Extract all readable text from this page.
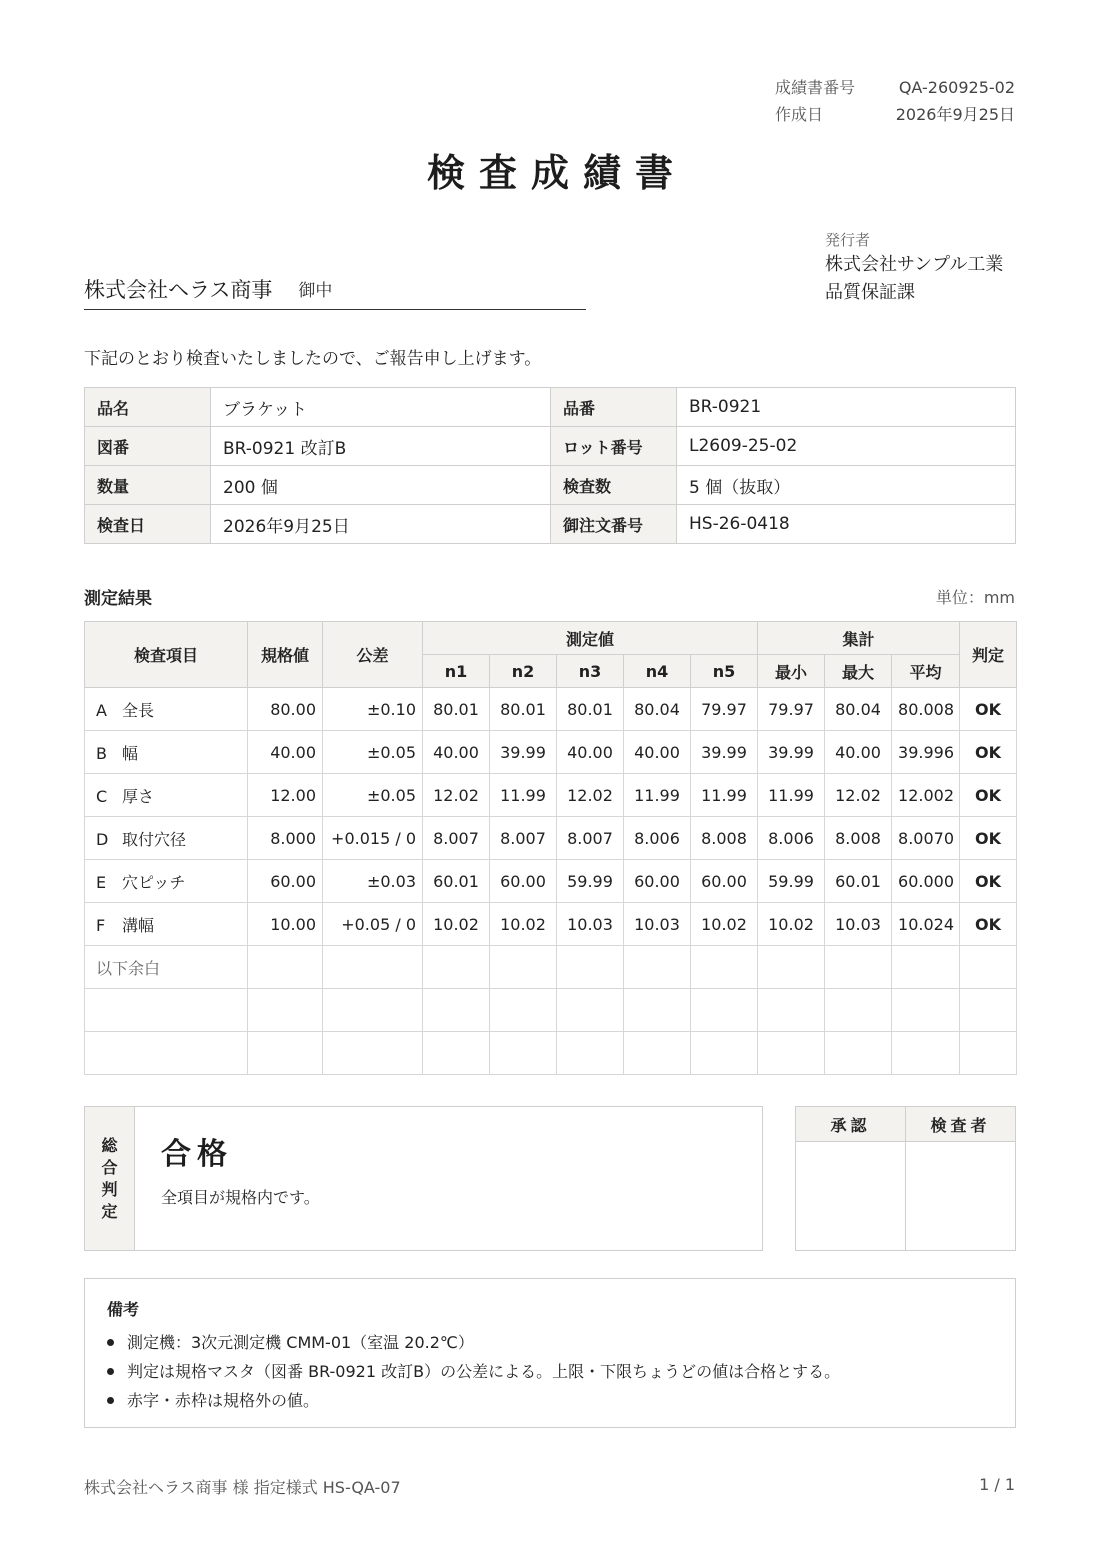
成績書番号	QA-260925-02
作成日	2026年9月25日
検査成績書
発行者
株式会社サンプル工業
品質保証課
株式会社ヘラス商事 御中
下記のとおり検査いたしましたので、ご報告申し上げます。
品名	ブラケット	品番	BR-0921
図番	BR-0921 改訂B	ロット番号	L2609-25-02
数量	200 個	検査数	5 個（抜取）
検査日	2026年9月25日	御注文番号	HS-26-0418
測定結果	単位：mm
検査項目	規格値	公差	測定値					集計			判定
			n1	n2	n3	n4	n5	最小	最大	平均	
A 全長	80.00	±0.10	80.01	80.01	80.01	80.04	79.97	79.97	80.04	80.008	OK
B 幅	40.00	±0.05	40.00	39.99	40.00	40.00	39.99	39.99	40.00	39.996	OK
C 厚さ	12.00	±0.05	12.02	11.99	12.02	11.99	11.99	11.99	12.02	12.002	OK
D 取付穴径	8.000	+0.015 / 0	8.007	8.007	8.007	8.006	8.008	8.006	8.008	8.0070	OK
E 穴ピッチ	60.00	±0.03	60.01	60.00	59.99	60.00	60.00	59.99	60.01	60.000	OK
F 溝幅	10.00	+0.05 / 0	10.02	10.02	10.03	10.03	10.02	10.02	10.03	10.024	OK
以下余白											

総
合
判
定
合格
全項目が規格内です。
承認	検査者

備考
測定機：3次元測定機 CMM-01（室温 20.2℃）
判定は規格マスタ（図番 BR-0921 改訂B）の公差による。上限・下限ちょうどの値は合格とする。
赤字・赤枠は規格外の値。
株式会社ヘラス商事 様 指定様式 HS-QA-07	1 / 1
